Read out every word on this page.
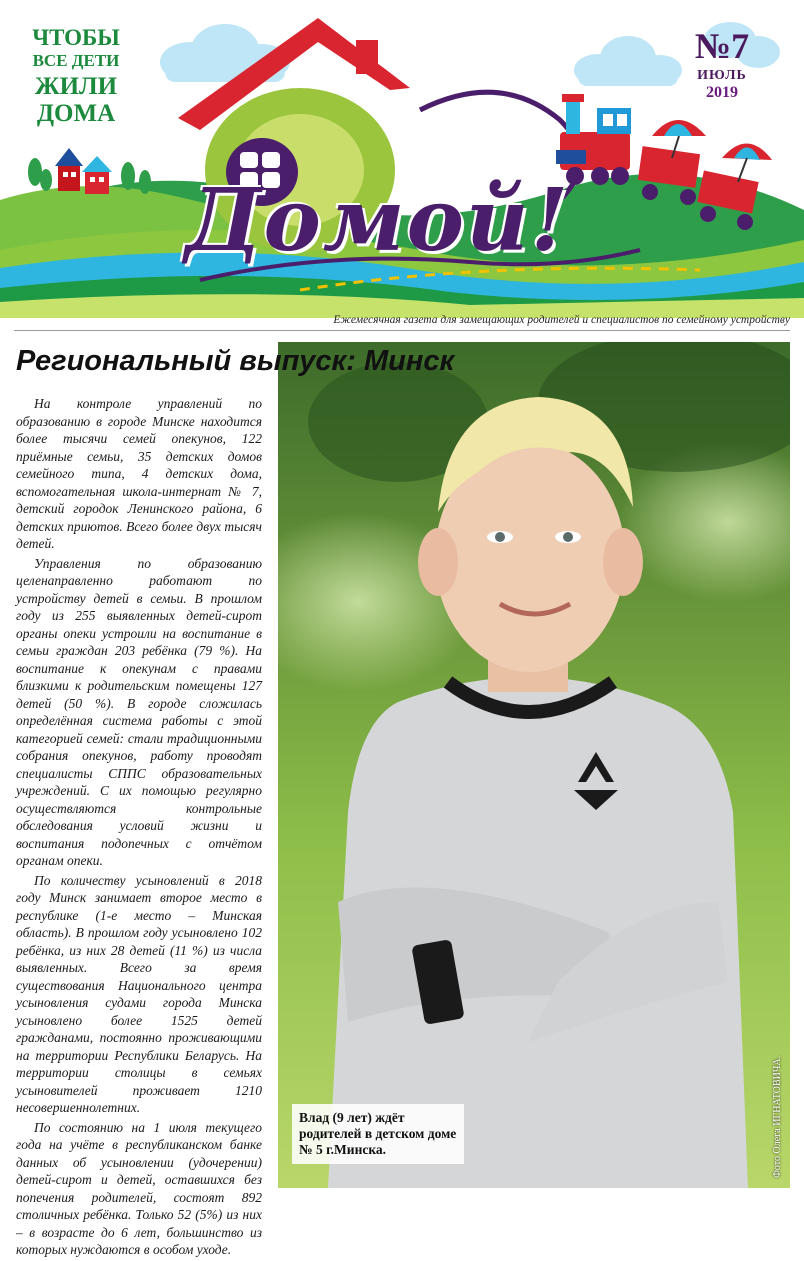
ЧТОБЫ
ВСЕ ДЕТИ
ЖИЛИ
ДОМА
№7
ИЮЛЬ
2019
Домой!
Ежемесячная газета для замещающих родителей и специалистов по семейному устройству
Региональный выпуск: Минск

На контроле управлений по образованию в городе Минске находится более тысячи семей опекунов, 122 приёмные семьи, 35 детских домов семейного типа, 4 детских дома, вспомогательная школа-интернат № 7, детский городок Ленинского района, 6 детских приютов. Всего более двух тысяч детей.

Управления по образованию целенаправленно работают по устройству детей в семьи. В прошлом году из 255 выявленных детей-сирот органы опеки устроили на воспитание в семьи граждан 203 ребёнка (79 %). На воспитание к опекунам с правами близкими к родительским помещены 127 детей (50 %). В городе сложилась определённая система работы с этой категорией семей: стали традиционными собрания опекунов, работу проводят специалисты СППС образовательных учреждений. С их помощью регулярно осуществляются контрольные обследования условий жизни и воспитания подопечных с отчётом органам опеки.

По количеству усыновлений в 2018 году Минск занимает второе место в республике (1-е место – Минская область). В прошлом году усыновлено 102 ребёнка, из них 28 детей (11 %) из числа выявленных. Всего за время существования Национального центра усыновления судами города Минска усыновлено более 1525 детей гражданами, постоянно проживающими на территории Республики Беларусь. На территории столицы в семьях усыновителей проживает 1210 несовершеннолетних.

По состоянию на 1 июля текущего года на учёте в республиканском банке данных об усыновлении (удочерении) детей-сирот и детей, оставшихся без попечения родителей, состоят 892 столичных ребёнка. Только 52 (5%) из них – в возрасте до 6 лет, большинство из которых нуждаются в особом уходе.

Влад (9 лет) ждёт родителей в детском доме № 5 г.Минска.	Фото Олега ИГНАТОВИЧА.
